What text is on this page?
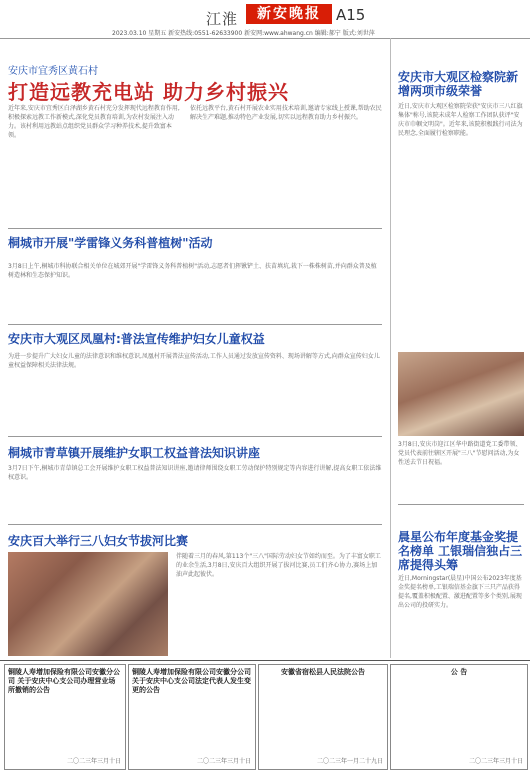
江淮	新安晚报	A15
2023.03.10 星期五 新安热线:0551-62633900 新安网:www.ahwang.cn 编辑:郝宁 版式:刘世萍
安庆市宜秀区黄石村
打造远教充电站 助力乡村振兴
近年来,安庆市宜秀区白泽湖乡黄石村充分发挥现代远程教育作用,积极探索远教工作新模式,深化党员教育培训,为农村发展注入动力。该村利用远教站点组织党员群众学习种养技术,提升致富本领。
依托远教平台,黄石村开展农业实用技术培训,邀请专家线上授课,帮助农民解决生产难题,推动特色产业发展,切实以远程教育助力乡村振兴。
桐城市开展"学雷锋义务科普植树"活动
3月8日上午,桐城市科协联合相关单位在城郊开展"学雷锋义务科普植树"活动,志愿者们挥锹铲土、扶苗填坑,栽下一株株树苗,并向群众普及植树造林和生态保护知识。
安庆市大观区凤凰村:普法宣传维护妇女儿童权益
为进一步提升广大妇女儿童的法律意识和维权意识,凤凰村开展普法宣传活动,工作人员通过发放宣传资料、现场讲解等方式,向群众宣传妇女儿童权益保障相关法律法规。
桐城市青草镇开展维护女职工权益普法知识讲座
3月7日下午,桐城市青草镇总工会开展维护女职工权益普法知识讲座,邀请律师围绕女职工劳动保护特别规定等内容进行讲解,提高女职工依法维权意识。
安庆百大举行三八妇女节拔河比赛
伴随着三月的春风,第113个"三八"国际劳动妇女节如约而至。为了丰富女职工的业余生活,3月8日,安庆百大组织开展了拔河比赛,员工们齐心协力,赛场上加油声此起彼伏。
安庆市大观区检察院新增两项市级荣誉
近日,安庆市大观区检察院荣获"安庆市三八红旗集体"称号,该院未成年人检察工作团队获评"安庆市巾帼文明岗"。近年来,该院积极践行司法为民理念,全面履行检察职能。
3月8日,安庆市迎江区华中路街道党工委带领、党员代表前往辖区开展"三八"节慰问活动,为女性送去节日祝福。
晨星公布年度基金奖提名榜单 工银瑞信独占三席提得头筹
近日,Morningstar(晨星)中国公布2023年度基金奖提名榜单,工银瑞信基金旗下三只产品获得提名,覆盖积极配置、激进配置等多个类别,展现出公司的投研实力。
铜陵人寿增加保险有限公司安徽分公司 关于安庆中心支公司办理营业场所撤销的公告
二〇二三年三月十日
铜陵人寿增加保险有限公司安徽分公司 关于安庆中心支公司法定代表人发生变更的公告
二〇二三年三月十日
安徽省宿松县人民法院公告
二〇二三年一月二十九日
公 告
二〇二三年三月十日
